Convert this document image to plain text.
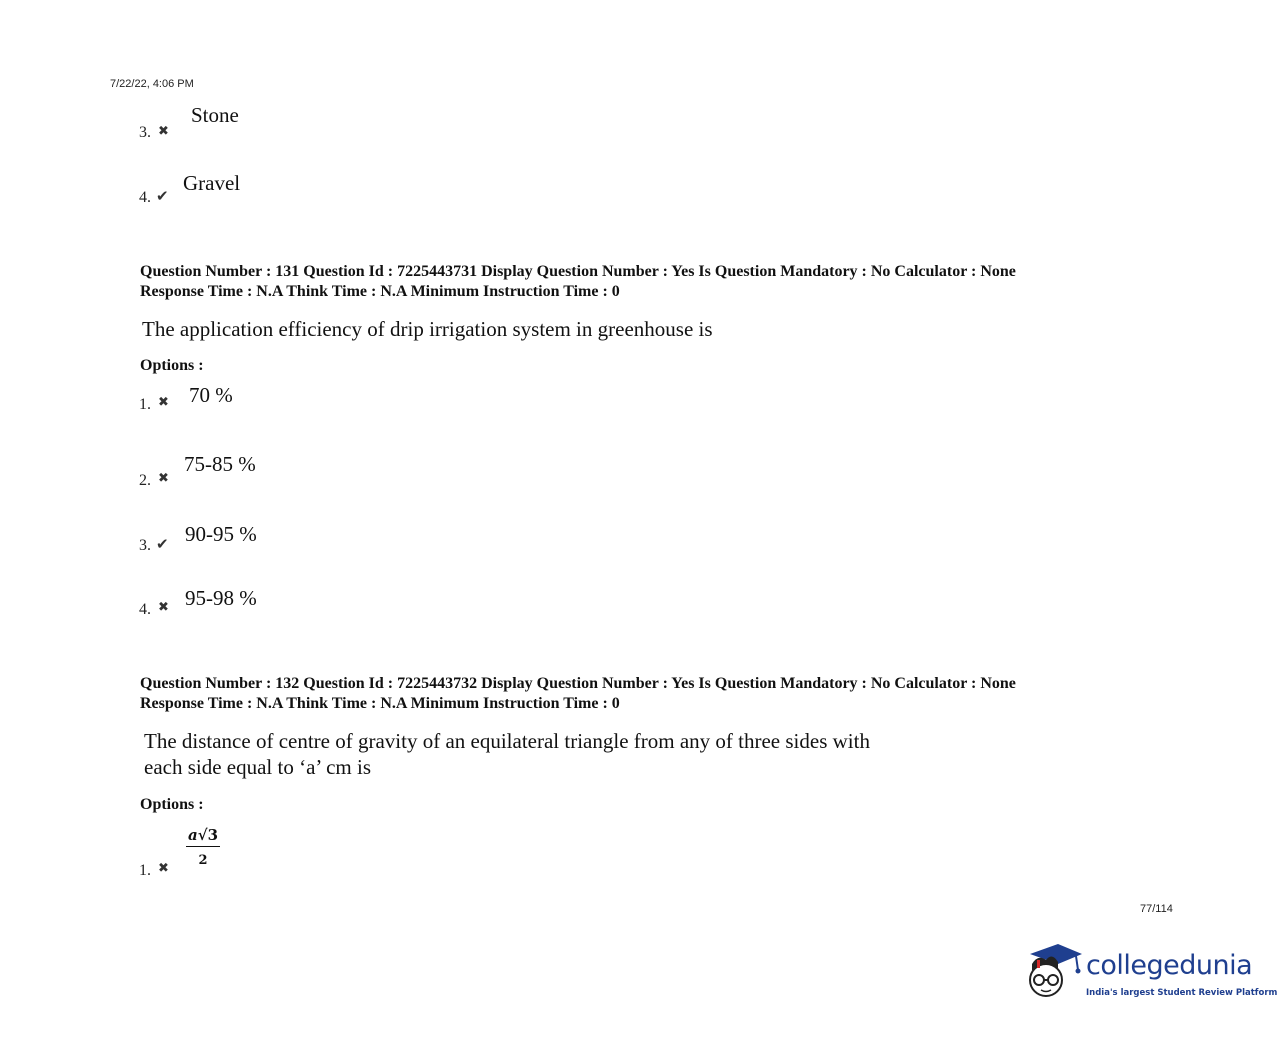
7/22/22, 4:06 PM
Stone
3. ✖
Gravel
4. ✔
Question Number : 131 Question Id : 7225443731 Display Question Number : Yes Is Question Mandatory : No Calculator : None
Response Time : N.A Think Time : N.A Minimum Instruction Time : 0
The application efficiency of drip irrigation system in greenhouse is
Options :
70 %
1. ✖
75-85 %
2. ✖
90-95 %
3. ✔
95-98 %
4. ✖
Question Number : 132 Question Id : 7225443732 Display Question Number : Yes Is Question Mandatory : No Calculator : None
Response Time : N.A Think Time : N.A Minimum Instruction Time : 0
The distance of centre of gravity of an equilateral triangle from any of three sides with
each side equal to ‘a’ cm is
Options :
$\frac{a√3}{2}$
1. ✖
77/114
collegedunia
India's largest Student Review Platform
